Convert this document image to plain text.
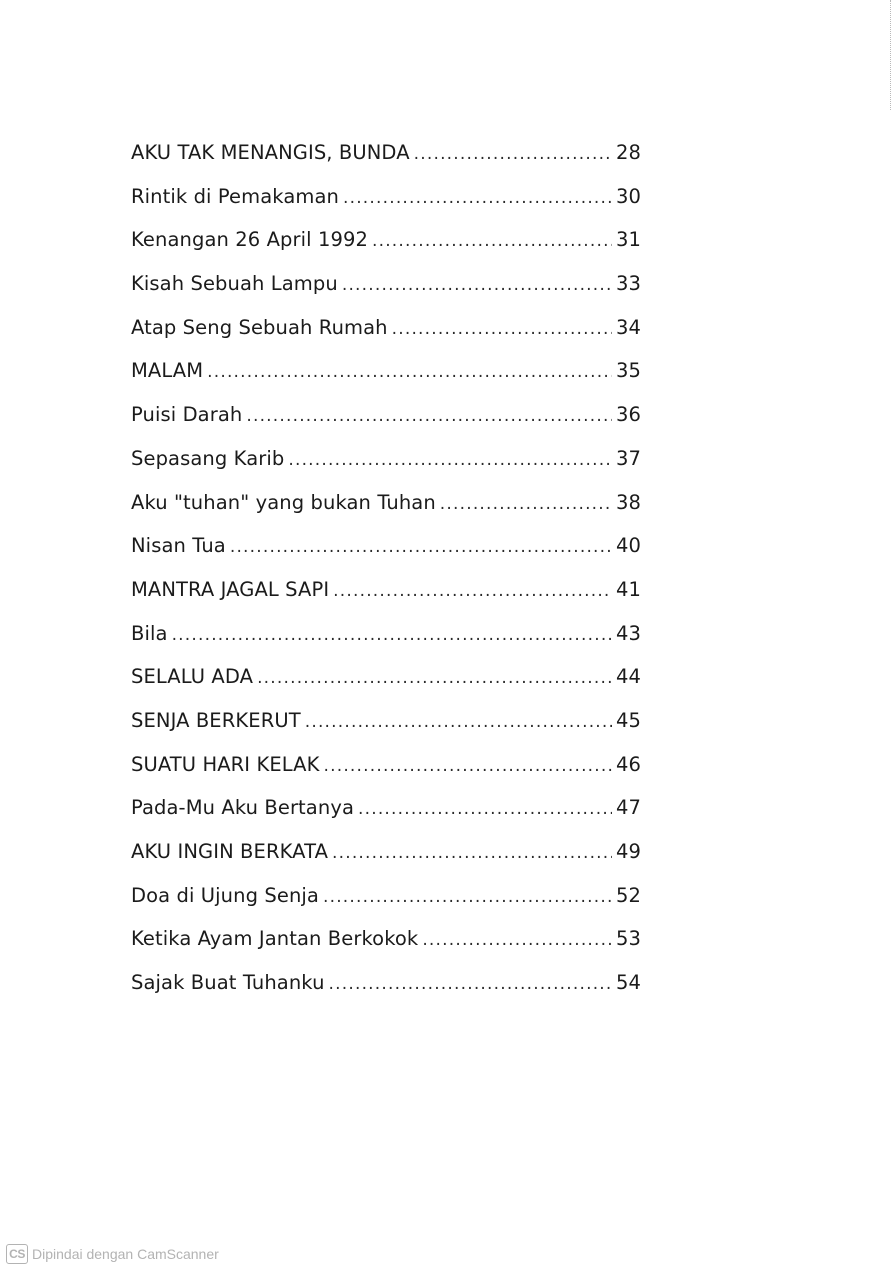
AKU TAK MENANGIS, BUNDA .....	28
Rintik di Pemakaman .....	30
Kenangan 26 April 1992 .....	31
Kisah Sebuah Lampu .....	33
Atap Seng Sebuah Rumah .....	34
MALAM .....	35
Puisi Darah .....	36
Sepasang Karib .....	37
Aku "tuhan" yang bukan Tuhan .....	38
Nisan Tua .....	40
MANTRA JAGAL SAPI .....	41
Bila .....	43
SELALU ADA .....	44
SENJA BERKERUT .....	45
SUATU HARI KELAK .....	46
Pada-Mu Aku Bertanya .....	47
AKU INGIN BERKATA .....	49
Doa di Ujung Senja .....	52
Ketika Ayam Jantan Berkokok .....	53
Sajak Buat Tuhanku .....	54
CS Dipindai dengan CamScanner
